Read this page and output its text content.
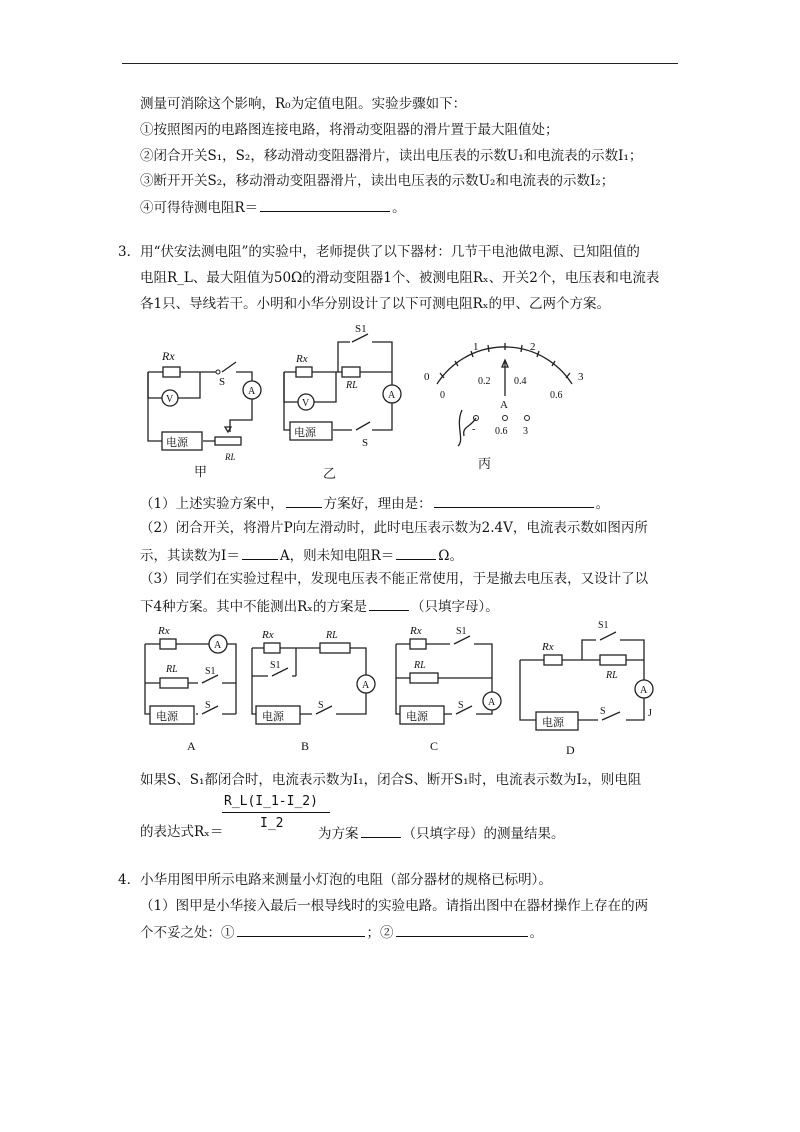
测量可消除这个影响，R₀为定值电阻。实验步骤如下：
①按照图丙的电路图连接电路，将滑动变阻器的滑片置于最大阻值处；
②闭合开关S₁，S₂，移动滑动变阻器滑片，读出电压表的示数U₁和电流表的示数I₁；
③断开开关S₂，移动滑动变阻器滑片，读出电压表的示数U₂和电流表的示数I₂；
④可得待测电阻R＝	。
3．用“伏安法测电阻”的实验中，老师提供了以下器材：几节干电池做电源、已知阻值的
电阻R_L、最大阻值为50Ω的滑动变阻器1个、被测电阻Rₓ、开关2个，电压表和电流表
各1只、导线若干。小明和小华分别设计了以下可测电阻Rₓ的甲、乙两个方案。
（1）上述实验方案中，	方案好，理由是：	。
（2）闭合开关，将滑片P向左滑动时，此时电压表示数为2.4V，电流表示数如图丙所
示，其读数为I＝	A，则未知电阻R＝	Ω。
（3）同学们在实验过程中，发现电压表不能正常使用，于是撤去电压表，又设计了以
下4种方案。其中不能测出Rₓ的方案是	（只填字母）。
如果S、S₁都闭合时，电流表示数为I₁，闭合S、断开S₁时，电流表示数为I₂，则电阻
的表达式Rₓ＝
R_L(I_1-I_2)
I_2
为方案	（只填字母）的测量结果。
4．小华用图甲所示电路来测量小灯泡的电阻（部分器材的规格已标明）。
（1）图甲是小华接入最后一根导线时的实验电路。请指出图中在器材操作上存在的两
个不妥之处：①	；②	。
Rx
S
A
V
电源
RL
甲
S1
Rx
RL
A
V
电源
S
乙
0
1	2
3
0
0.2 0.4
0.6
A
- 0.6 3
丙
Rx
A
RL	S1
S
电源
A
Rx	RL
S1
A
S
电源
B
Rx	S1
RL
A
S
电源
C
Rx
S1
RL
A
J
S
电源
D
